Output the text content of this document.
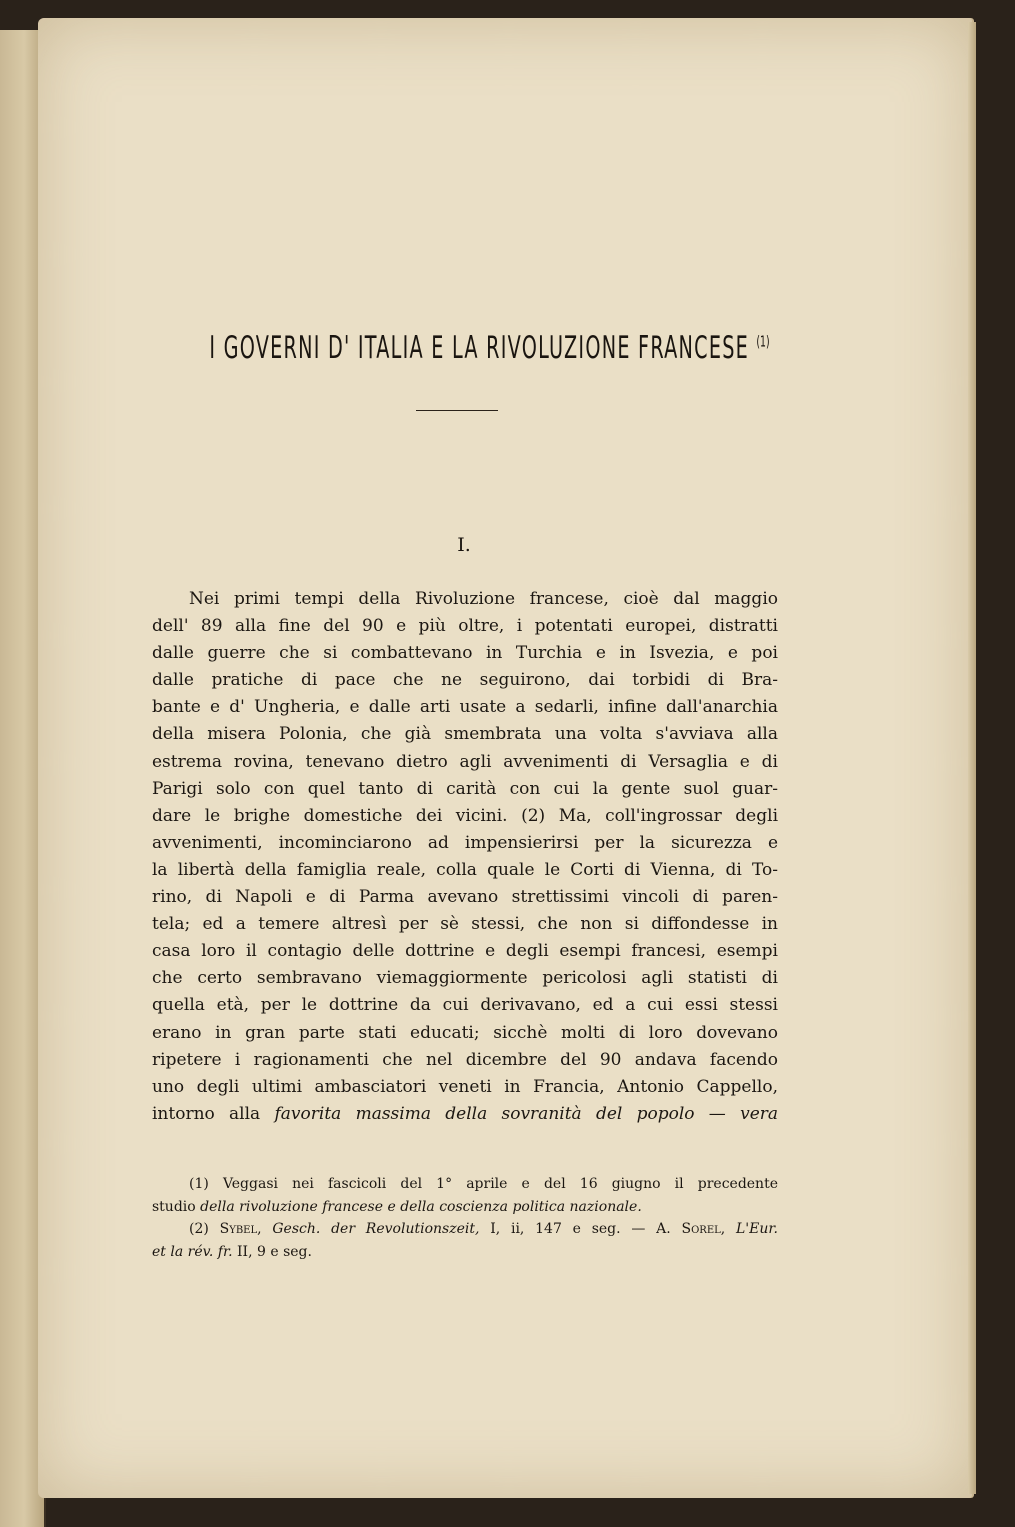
I GOVERNI D' ITALIA E LA RIVOLUZIONE FRANCESE $^{(1)}$
I.
Nei primi tempi della Rivoluzione francese, cioè dal maggio
dell' 89 alla fine del 90 e più oltre, i potentati europei, distratti
dalle guerre che si combattevano in Turchia e in Isvezia, e poi
dalle pratiche di pace che ne seguirono, dai torbidi di Bra-
bante e d' Ungheria, e dalle arti usate a sedarli, infine dall'anarchia
della misera Polonia, che già smembrata una volta s'avviava alla
estrema rovina, tenevano dietro agli avvenimenti di Versaglia e di
Parigi solo con quel tanto di carità con cui la gente suol guar-
dare le brighe domestiche dei vicini. (2) Ma, coll'ingrossar degli
avvenimenti, incominciarono ad impensierirsi per la sicurezza e
la libertà della famiglia reale, colla quale le Corti di Vienna, di To-
rino, di Napoli e di Parma avevano strettissimi vincoli di paren-
tela; ed a temere altresì per sè stessi, che non si diffondesse in
casa loro il contagio delle dottrine e degli esempi francesi, esempi
che certo sembravano viemaggiormente pericolosi agli statisti di
quella età, per le dottrine da cui derivavano, ed a cui essi stessi
erano in gran parte stati educati; sicchè molti di loro dovevano
ripetere i ragionamenti che nel dicembre del 90 andava facendo
uno degli ultimi ambasciatori veneti in Francia, Antonio Cappello,
intorno alla favorita massima della sovranità del popolo — vera
(1) Veggasi nei fascicoli del 1° aprile e del 16 giugno il precedente
studio della rivoluzione francese e della coscienza politica nazionale.
(2) Sybel, Gesch. der Revolutionszeit, I, ii, 147 e seg. — A. Sorel, L'Eur.
et la rév. fr. II, 9 e seg.
